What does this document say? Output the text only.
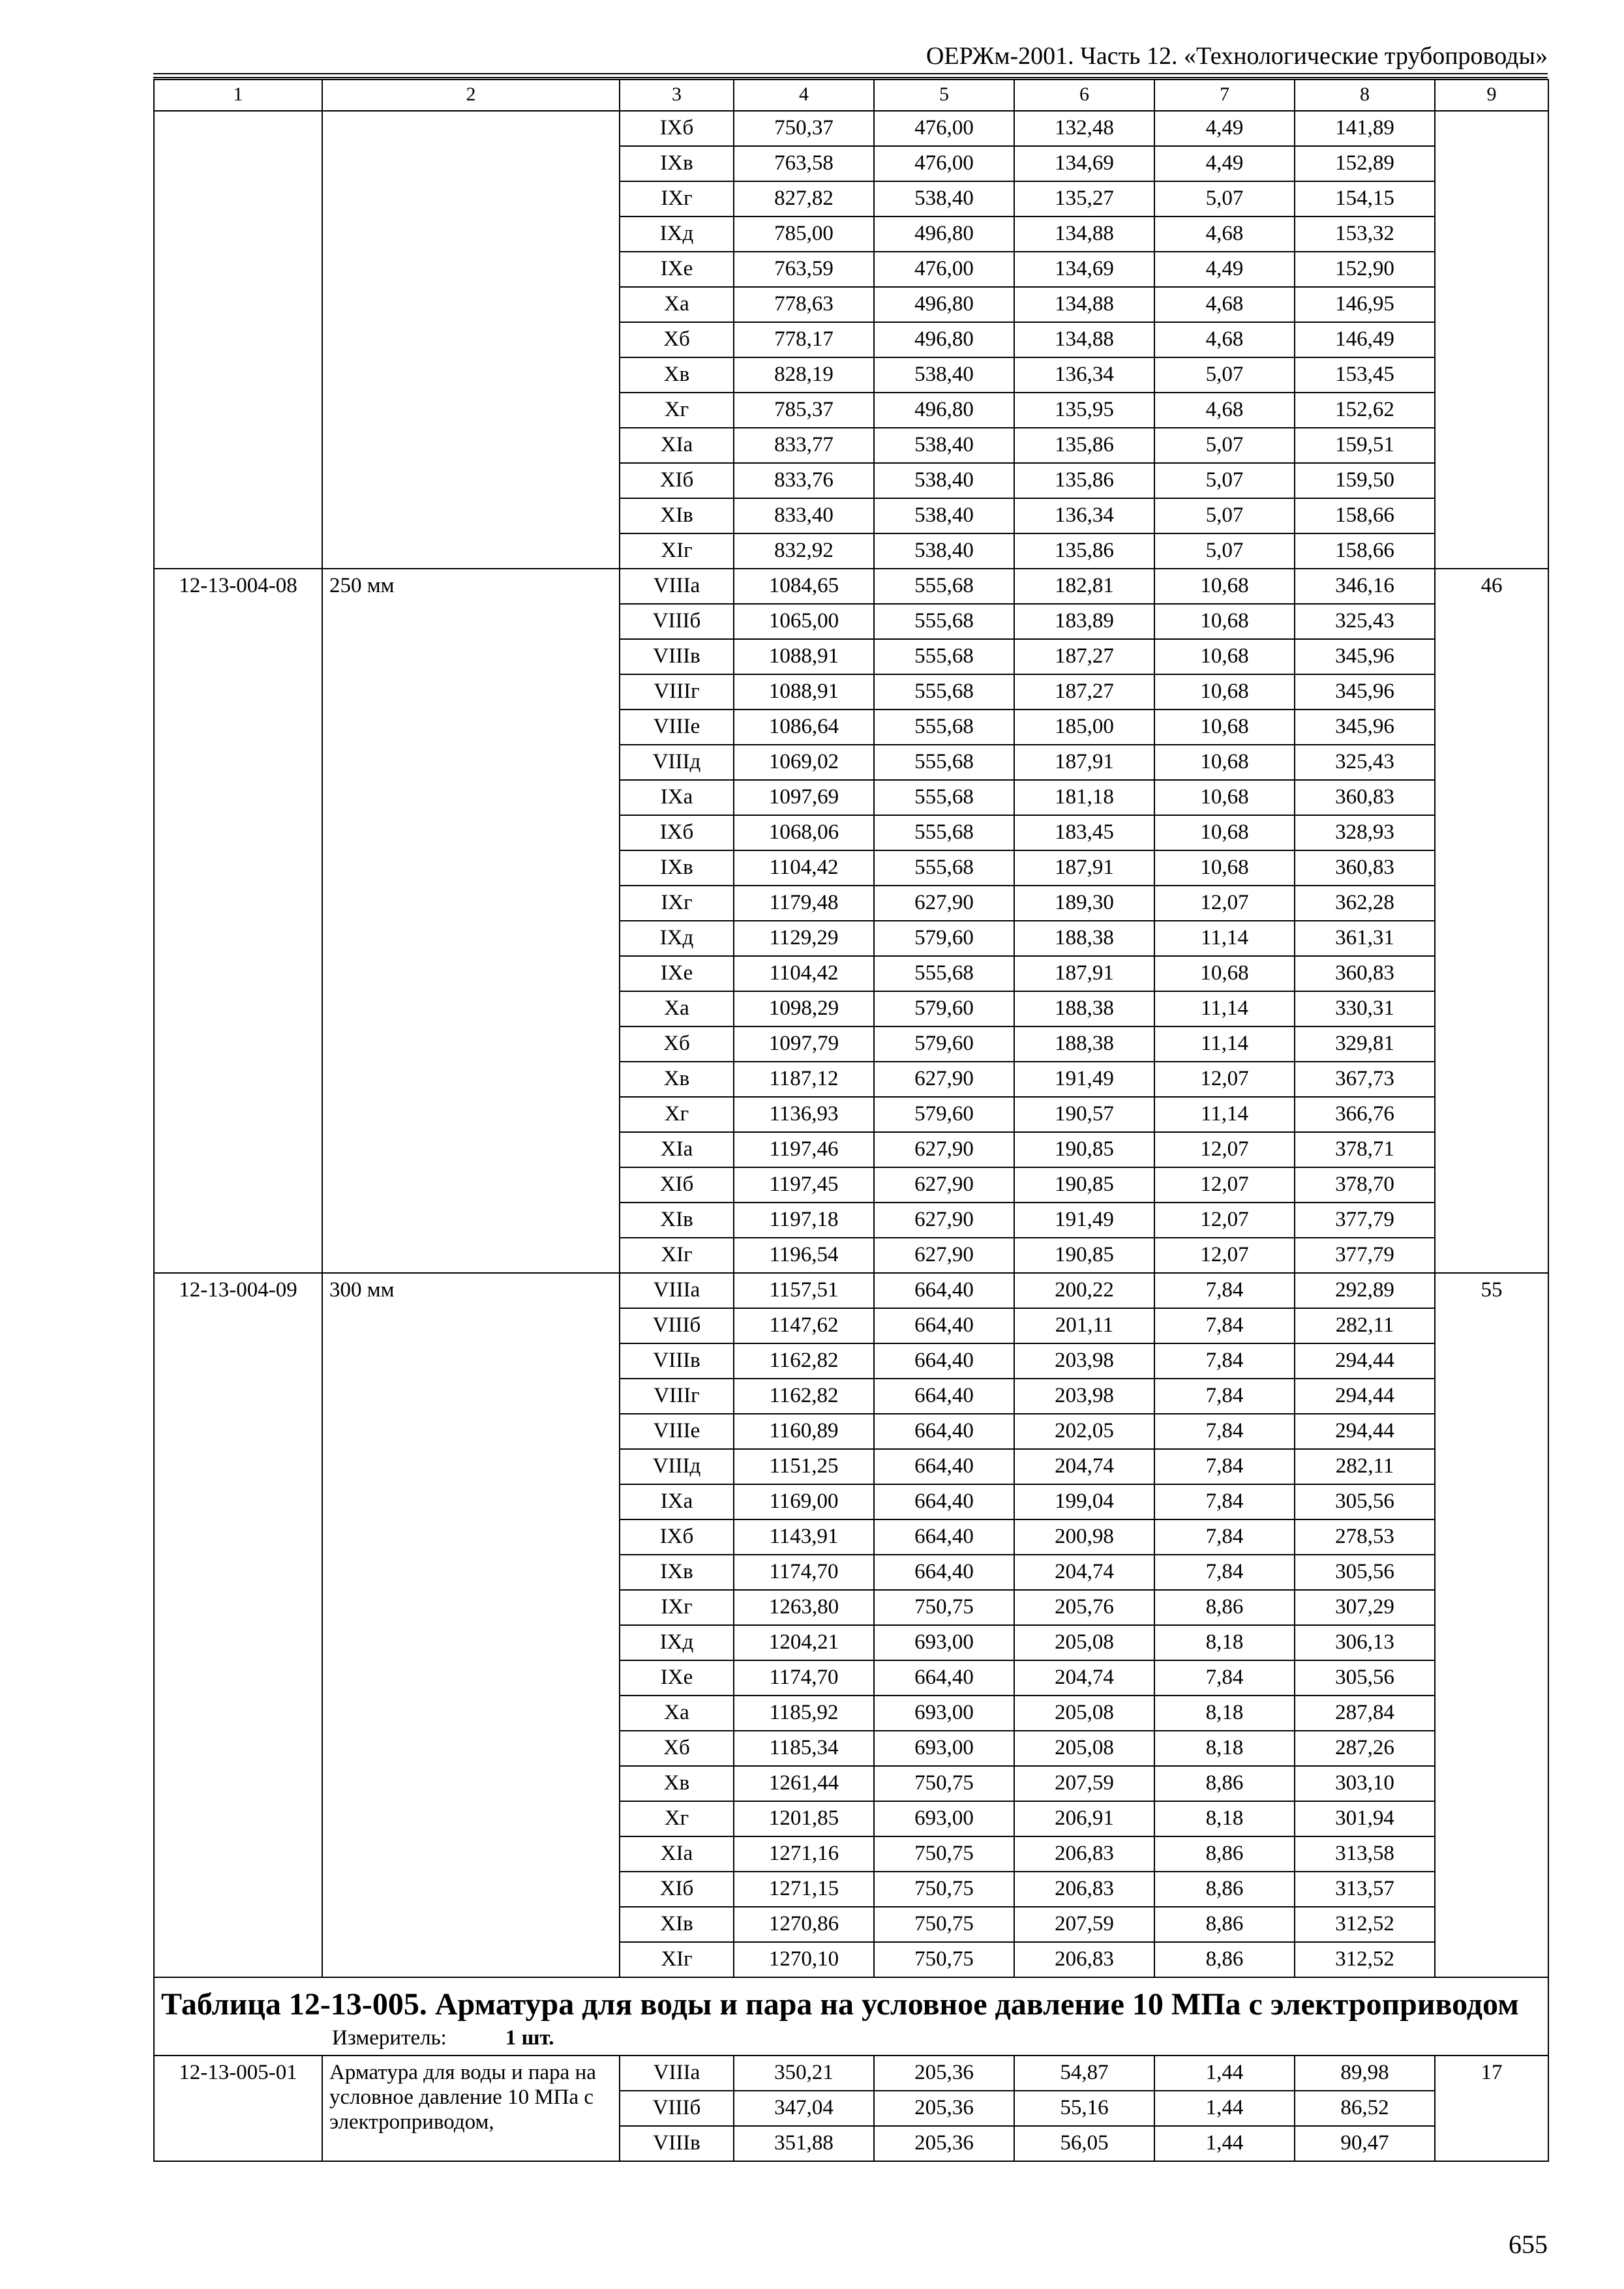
ОЕРЖм-2001. Часть 12. «Технологические трубопроводы»
1	2	3	4	5	6	7	8	9
		IXб	750,37	476,00	132,48	4,49	141,89	
		IXв	763,58	476,00	134,69	4,49	152,89	
		IXг	827,82	538,40	135,27	5,07	154,15	
		IXд	785,00	496,80	134,88	4,68	153,32	
		IXе	763,59	476,00	134,69	4,49	152,90	
		Xа	778,63	496,80	134,88	4,68	146,95	
		Xб	778,17	496,80	134,88	4,68	146,49	
		Xв	828,19	538,40	136,34	5,07	153,45	
		Xг	785,37	496,80	135,95	4,68	152,62	
		XIа	833,77	538,40	135,86	5,07	159,51	
		XIб	833,76	538,40	135,86	5,07	159,50	
		XIв	833,40	538,40	136,34	5,07	158,66	
		XIг	832,92	538,40	135,86	5,07	158,66	
12-13-004-08	250 мм	VIIIа	1084,65	555,68	182,81	10,68	346,16	46
		VIIIб	1065,00	555,68	183,89	10,68	325,43	
		VIIIв	1088,91	555,68	187,27	10,68	345,96	
		VIIIг	1088,91	555,68	187,27	10,68	345,96	
		VIIIе	1086,64	555,68	185,00	10,68	345,96	
		VIIIд	1069,02	555,68	187,91	10,68	325,43	
		IXа	1097,69	555,68	181,18	10,68	360,83	
		IXб	1068,06	555,68	183,45	10,68	328,93	
		IXв	1104,42	555,68	187,91	10,68	360,83	
		IXг	1179,48	627,90	189,30	12,07	362,28	
		IXд	1129,29	579,60	188,38	11,14	361,31	
		IXе	1104,42	555,68	187,91	10,68	360,83	
		Xа	1098,29	579,60	188,38	11,14	330,31	
		Xб	1097,79	579,60	188,38	11,14	329,81	
		Xв	1187,12	627,90	191,49	12,07	367,73	
		Xг	1136,93	579,60	190,57	11,14	366,76	
		XIа	1197,46	627,90	190,85	12,07	378,71	
		XIб	1197,45	627,90	190,85	12,07	378,70	
		XIв	1197,18	627,90	191,49	12,07	377,79	
		XIг	1196,54	627,90	190,85	12,07	377,79	
12-13-004-09	300 мм	VIIIа	1157,51	664,40	200,22	7,84	292,89	55
		VIIIб	1147,62	664,40	201,11	7,84	282,11	
		VIIIв	1162,82	664,40	203,98	7,84	294,44	
		VIIIг	1162,82	664,40	203,98	7,84	294,44	
		VIIIе	1160,89	664,40	202,05	7,84	294,44	
		VIIIд	1151,25	664,40	204,74	7,84	282,11	
		IXа	1169,00	664,40	199,04	7,84	305,56	
		IXб	1143,91	664,40	200,98	7,84	278,53	
		IXв	1174,70	664,40	204,74	7,84	305,56	
		IXг	1263,80	750,75	205,76	8,86	307,29	
		IXд	1204,21	693,00	205,08	8,18	306,13	
		IXе	1174,70	664,40	204,74	7,84	305,56	
		Xа	1185,92	693,00	205,08	8,18	287,84	
		Xб	1185,34	693,00	205,08	8,18	287,26	
		Xв	1261,44	750,75	207,59	8,86	303,10	
		Xг	1201,85	693,00	206,91	8,18	301,94	
		XIа	1271,16	750,75	206,83	8,86	313,58	
		XIб	1271,15	750,75	206,83	8,86	313,57	
		XIв	1270,86	750,75	207,59	8,86	312,52	
		XIг	1270,10	750,75	206,83	8,86	312,52	

Таблица 12-13-005. Арматура для воды и пара на условное давление 10 МПа с электроприводом
Измеритель: 1 шт.								

12-13-005-01	Арматура для воды и пара на условное давление 10 МПа с электроприводом,	VIIIа	350,21	205,36	54,87	1,44	89,98	17
		VIIIб	347,04	205,36	55,16	1,44	86,52	
		VIIIв	351,88	205,36	56,05	1,44	90,47	
655
